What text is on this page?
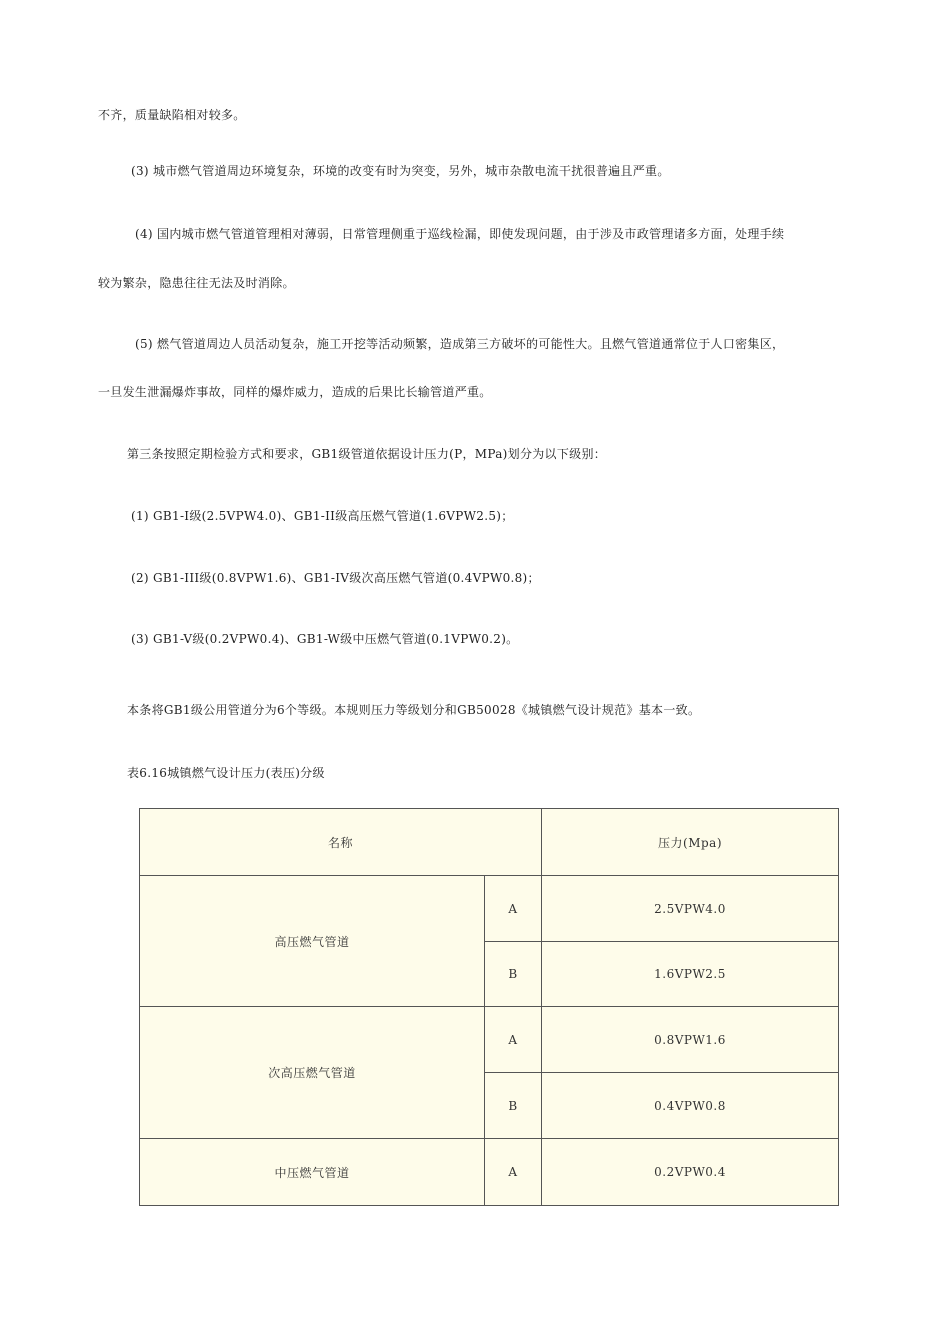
不齐，质量缺陷相对较多。
(3) 城市燃气管道周边环境复杂，环境的改变有时为突变，另外，城市杂散电流干扰很普遍且严重。
(4) 国内城市燃气管道管理相对薄弱，日常管理侧重于巡线检漏，即使发现问题，由于涉及市政管理诸多方面，处理手续
较为繁杂，隐患往往无法及时消除。
(5) 燃气管道周边人员活动复杂，施工开挖等活动频繁，造成第三方破坏的可能性大。且燃气管道通常位于人口密集区，
一旦发生泄漏爆炸事故，同样的爆炸威力，造成的后果比长输管道严重。
第三条按照定期检验方式和要求，GB1级管道依据设计压力(P，MPa)划分为以下级别：
(1) GB1-I级(2.5VPW4.0)、GB1-II级高压燃气管道(1.6VPW2.5)；
(2) GB1-III级(0.8VPW1.6)、GB1-IV级次高压燃气管道(0.4VPW0.8)；
(3) GB1-V级(0.2VPW0.4)、GB1-W级中压燃气管道(0.1VPW0.2)。
本条将GB1级公用管道分为6个等级。本规则压力等级划分和GB50028《城镇燃气设计规范》基本一致。
表6.16城镇燃气设计压力(表压)分级
名称		压力(Mpa)
高压燃气管道	A	2.5VPW4.0
	B	1.6VPW2.5
次高压燃气管道	A	0.8VPW1.6
	B	0.4VPW0.8
中压燃气管道	A	0.2VPW0.4
